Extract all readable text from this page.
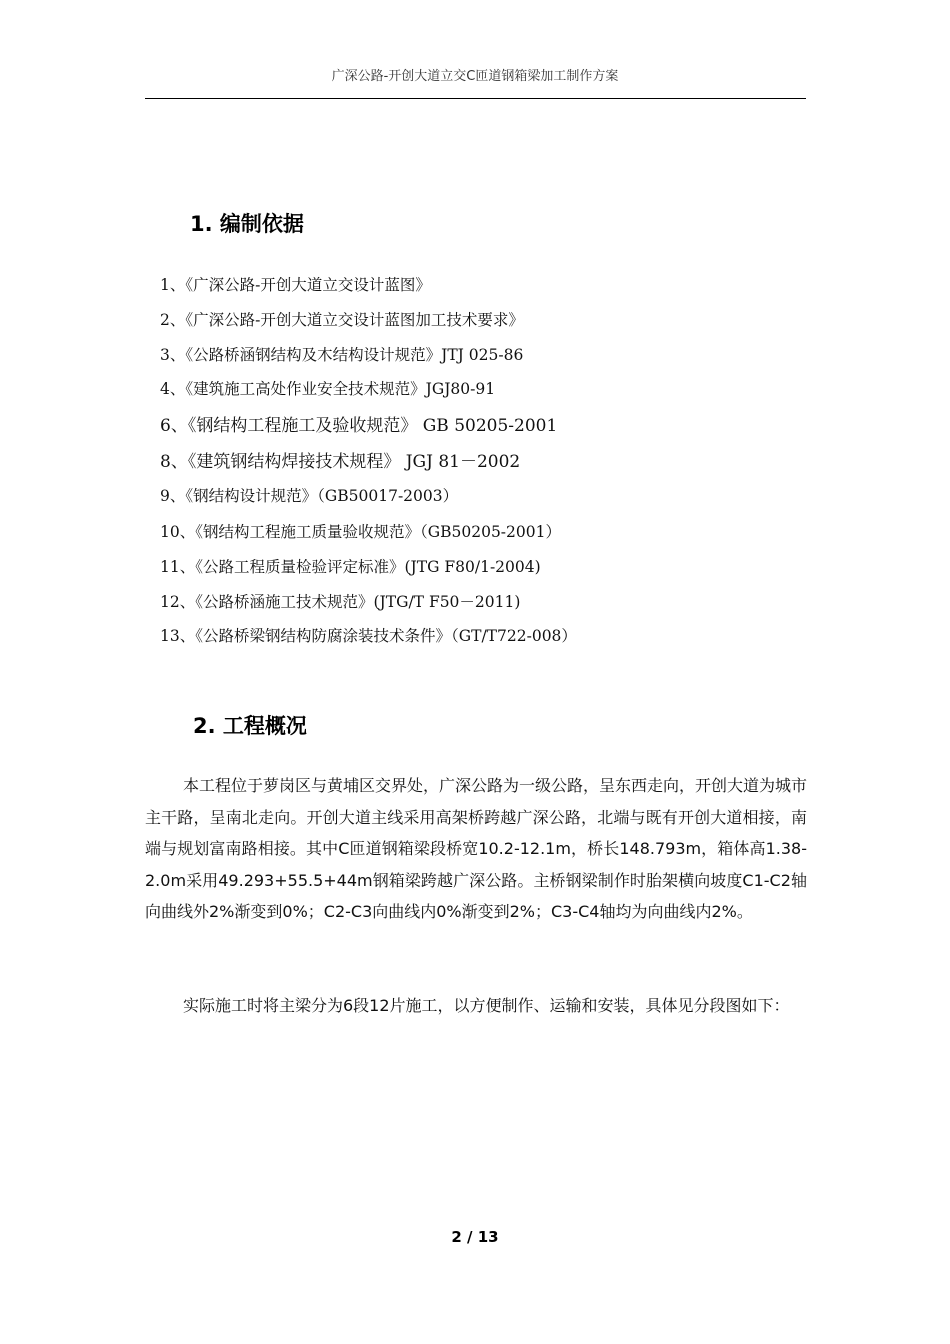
广深公路-开创大道立交C匝道钢箱梁加工制作方案
1. 编制依据
1、《广深公路-开创大道立交设计蓝图》
2、《广深公路-开创大道立交设计蓝图加工技术要求》
3、《公路桥涵钢结构及木结构设计规范》JTJ 025-86
4、《建筑施工高处作业安全技术规范》JGJ80-91
6、《钢结构工程施工及验收规范》 GB 50205-2001
8、《建筑钢结构焊接技术规程》 JGJ 81－2002
9、《钢结构设计规范》（GB50017-2003）
10、《钢结构工程施工质量验收规范》（GB50205-2001）
11、《公路工程质量检验评定标准》(JTG F80/1-2004)
12、《公路桥涵施工技术规范》(JTG/T F50－2011)
13、《公路桥梁钢结构防腐涂装技术条件》（GT/T722-008）
2. 工程概况

本工程位于萝岗区与黄埔区交界处，广深公路为一级公路，呈东西走向，开创大道为城市主干路，呈南北走向。开创大道主线采用高架桥跨越广深公路，北端与既有开创大道相接，南端与规划富南路相接。其中C匝道钢箱梁段桥宽10.2-12.1m，桥长148.793m，箱体高1.38-2.0m采用49.293+55.5+44m钢箱梁跨越广深公路。主桥钢梁制作时胎架横向坡度C1-C2轴向曲线外2%渐变到0%；C2-C3向曲线内0%渐变到2%；C3-C4轴均为向曲线内2%。

实际施工时将主梁分为6段12片施工，以方便制作、运输和安装，具体见分段图如下：

2 / 13
